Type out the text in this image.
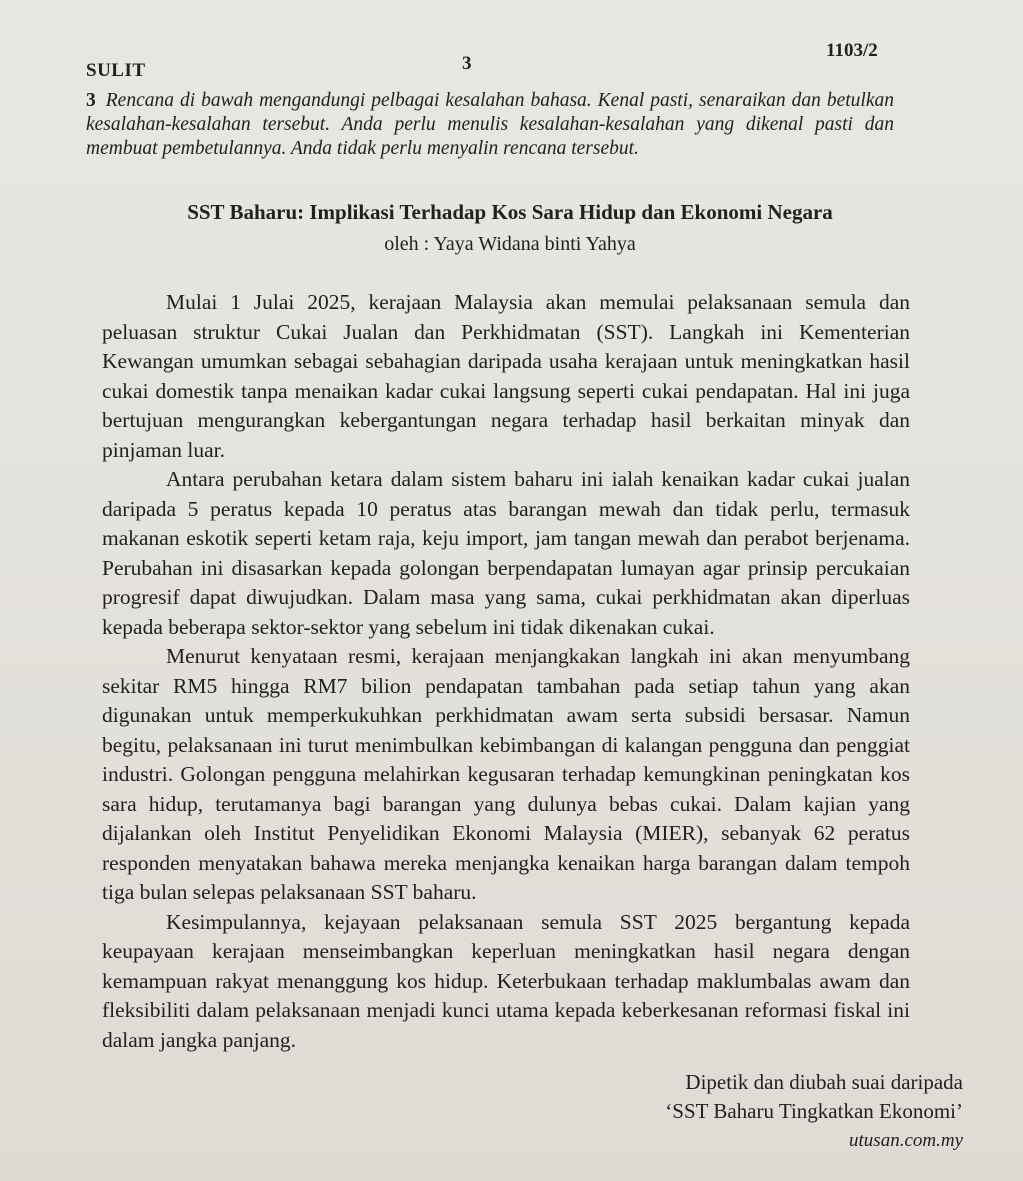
SULIT	3
1103/2
3 Rencana di bawah mengandungi pelbagai kesalahan bahasa. Kenal pasti, senaraikan dan betulkan kesalahan-kesalahan tersebut. Anda perlu menulis kesalahan-kesalahan yang dikenal pasti dan membuat pembetulannya. Anda tidak perlu menyalin rencana tersebut.
SST Baharu: Implikasi Terhadap Kos Sara Hidup dan Ekonomi Negara
oleh : Yaya Widana binti Yahya

Mulai 1 Julai 2025, kerajaan Malaysia akan memulai pelaksanaan semula dan peluasan struktur Cukai Jualan dan Perkhidmatan (SST). Langkah ini Kementerian Kewangan umumkan sebagai sebahagian daripada usaha kerajaan untuk meningkatkan hasil cukai domestik tanpa menaikan kadar cukai langsung seperti cukai pendapatan. Hal ini juga bertujuan mengurangkan kebergantungan negara terhadap hasil berkaitan minyak dan pinjaman luar.

Antara perubahan ketara dalam sistem baharu ini ialah kenaikan kadar cukai jualan daripada 5 peratus kepada 10 peratus atas barangan mewah dan tidak perlu, termasuk makanan eskotik seperti ketam raja, keju import, jam tangan mewah dan perabot berjenama. Perubahan ini disasarkan kepada golongan berpendapatan lumayan agar prinsip percukaian progresif dapat diwujudkan. Dalam masa yang sama, cukai perkhidmatan akan diperluas kepada beberapa sektor-sektor yang sebelum ini tidak dikenakan cukai.

Menurut kenyataan resmi, kerajaan menjangkakan langkah ini akan menyumbang sekitar RM5 hingga RM7 bilion pendapatan tambahan pada setiap tahun yang akan digunakan untuk memperkukuhkan perkhidmatan awam serta subsidi bersasar. Namun begitu, pelaksanaan ini turut menimbulkan kebimbangan di kalangan pengguna dan penggiat industri. Golongan pengguna melahirkan kegusaran terhadap kemungkinan peningkatan kos sara hidup, terutamanya bagi barangan yang dulunya bebas cukai. Dalam kajian yang dijalankan oleh Institut Penyelidikan Ekonomi Malaysia (MIER), sebanyak 62 peratus responden menyatakan bahawa mereka menjangka kenaikan harga barangan dalam tempoh tiga bulan selepas pelaksanaan SST baharu.

Kesimpulannya, kejayaan pelaksanaan semula SST 2025 bergantung kepada keupayaan kerajaan menseimbangkan keperluan meningkatkan hasil negara dengan kemampuan rakyat menanggung kos hidup. Keterbukaan terhadap maklumbalas awam dan fleksibiliti dalam pelaksanaan menjadi kunci utama kepada keberkesanan reformasi fiskal ini dalam jangka panjang.

Dipetik dan diubah suai daripada
‘SST Baharu Tingkatkan Ekonomi’
utusan.com.my
